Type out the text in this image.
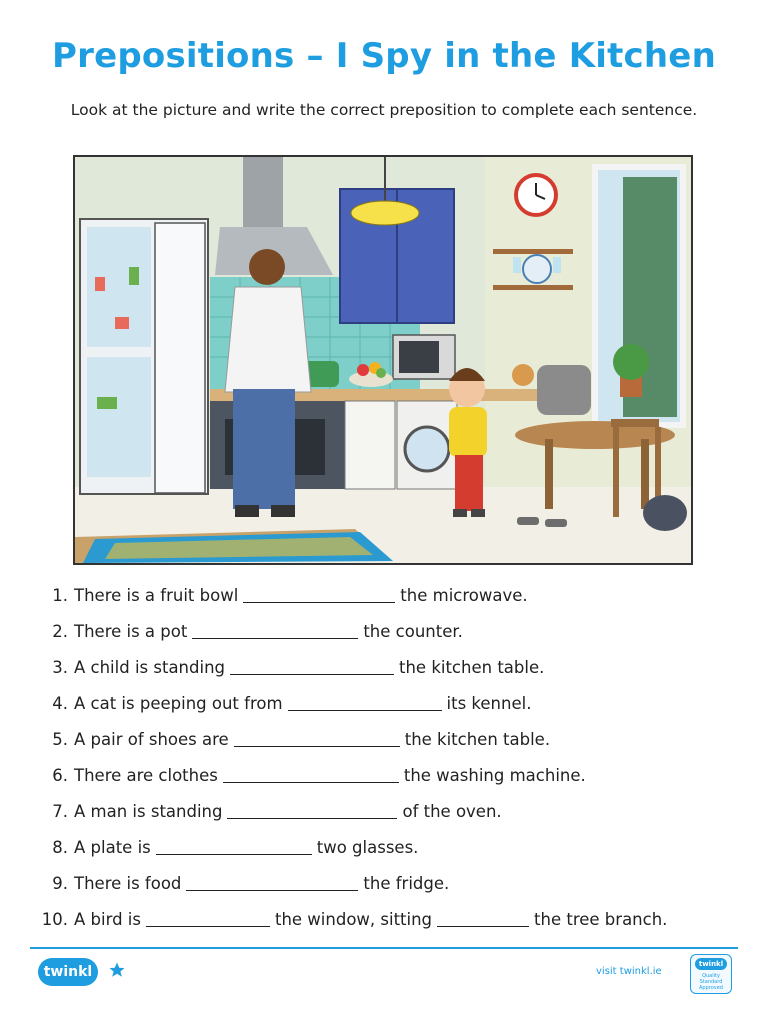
Prepositions – I Spy in the Kitchen
Look at the picture and write the correct preposition to complete each sentence.
1. There is a fruit bowl	the microwave.
2. There is a pot	the counter.
3. A child is standing	the kitchen table.
4. A cat is peeping out from	its kennel.
5. A pair of shoes are	the kitchen table.
6. There are clothes	the washing machine.
7. A man is standing	of the oven.
8. A plate is	two glasses.
9. There is food	the fridge.
10. A bird is	the window, sitting	the tree branch.
twinkl	visit twinkl.ie
twinkl
Quality Standard Approved
